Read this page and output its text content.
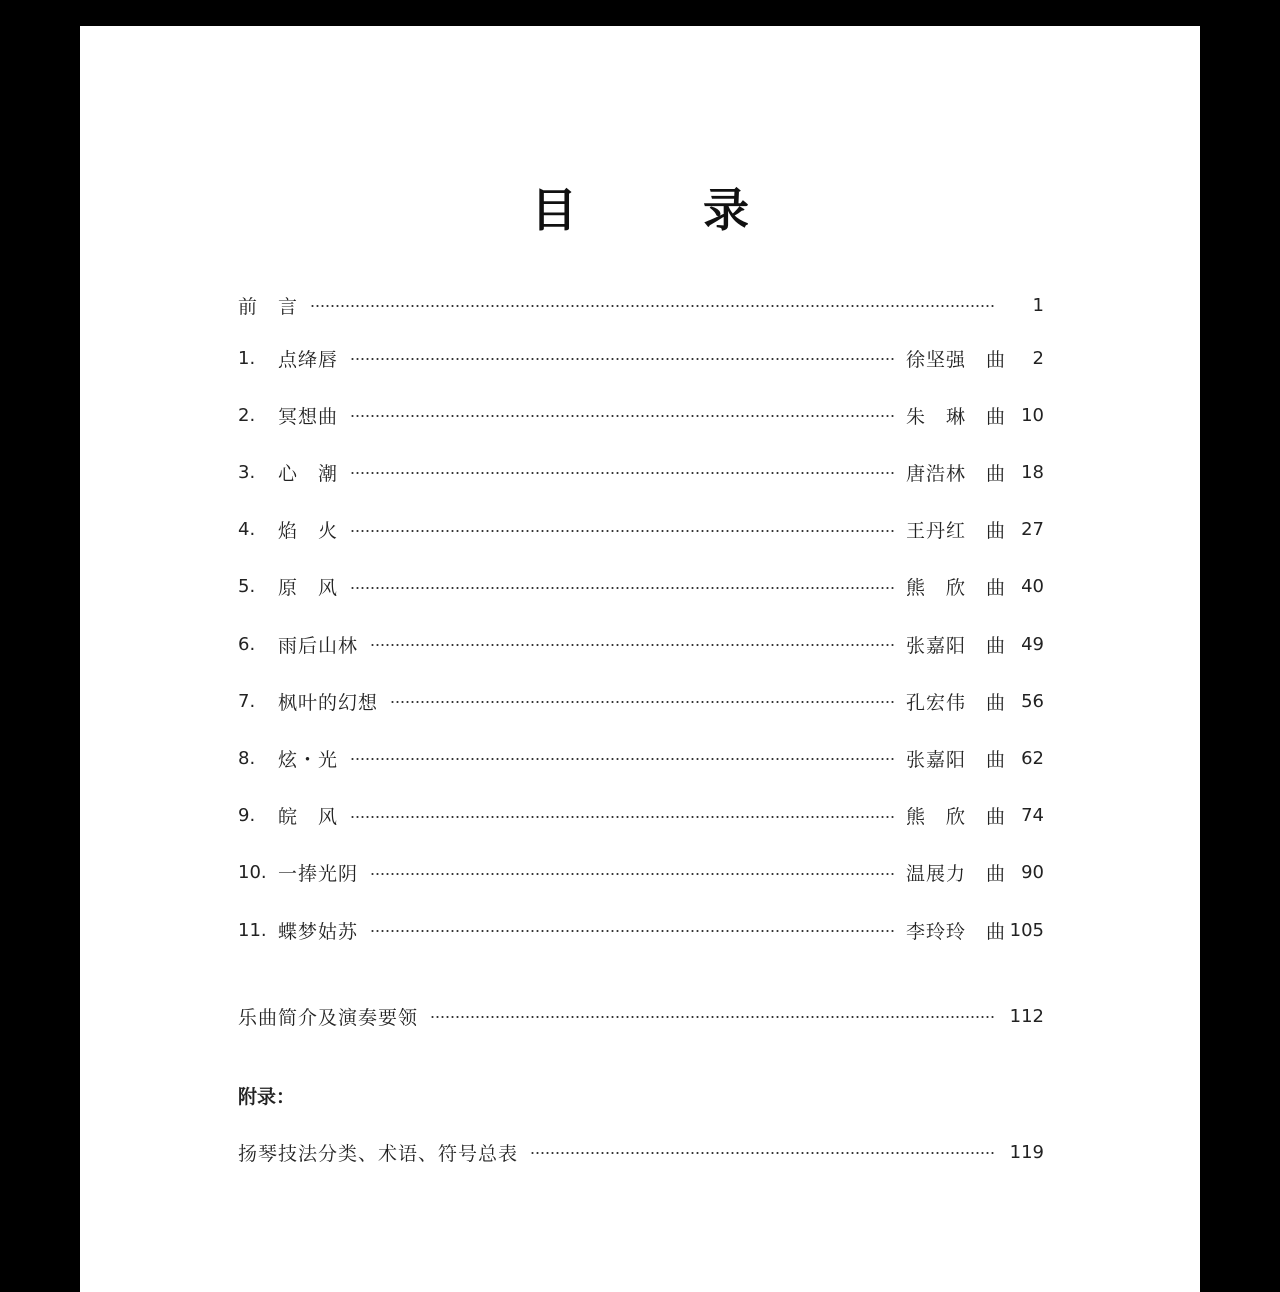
目　录
前　言	1
1.	点绛唇	徐坚强	曲	2
2.	冥想曲	朱　琳	曲 10
3.	心　潮	唐浩林	曲 18
4.	焰　火	王丹红	曲 27
5.	原　风	熊　欣	曲 40
6.	雨后山林	张嘉阳	曲 49
7.	枫叶的幻想	孔宏伟	曲 56
8.	炫・光	张嘉阳	曲 62
9.	皖　风	熊　欣	曲 74
10. 一捧光阴	温展力	曲 90
11. 蝶梦姑苏	李玲玲	曲 105
乐曲简介及演奏要领	112
附录：
扬琴技法分类、术语、符号总表	119
